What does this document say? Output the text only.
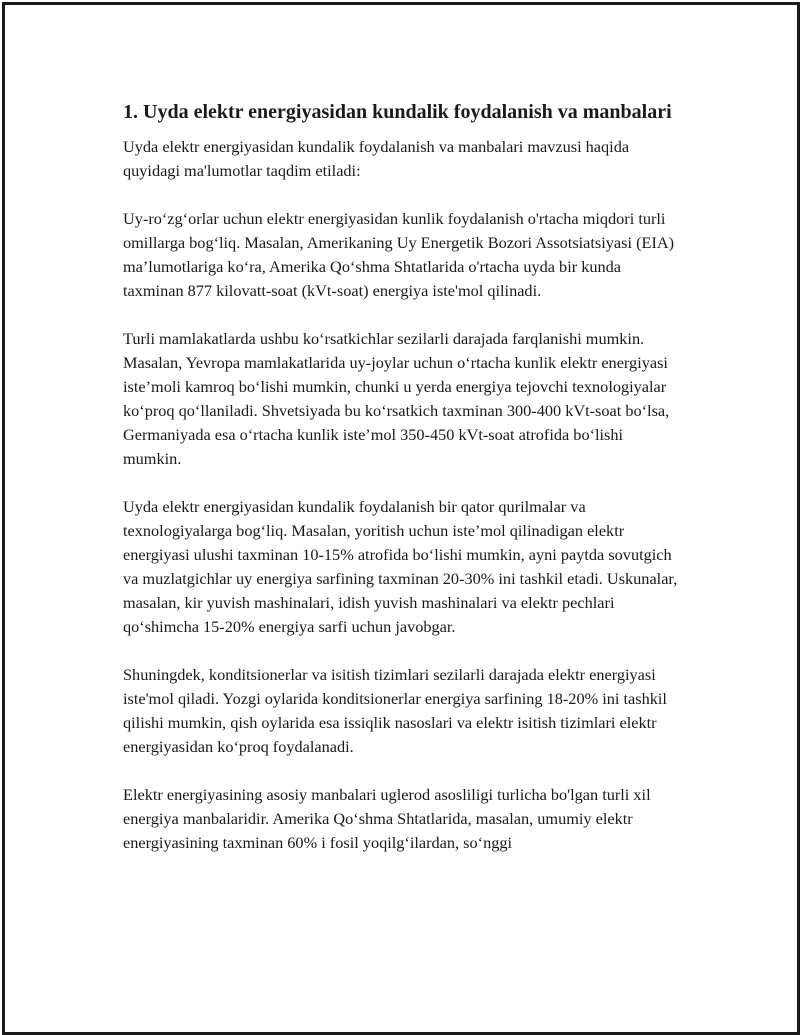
1. Uyda elektr energiyasidan kundalik foydalanish va manbalari

Uyda elektr energiyasidan kundalik foydalanish va manbalari mavzusi haqida quyidagi ma'lumotlar taqdim etiladi:

Uy-ro‘zg‘orlar uchun elektr energiyasidan kunlik foydalanish o'rtacha miqdori turli omillarga bog‘liq. Masalan, Amerikaning Uy Energetik Bozori Assotsiatsiyasi (EIA) ma’lumotlariga ko‘ra, Amerika Qo‘shma Shtatlarida o'rtacha uyda bir kunda taxminan 877 kilovatt-soat (kVt-soat) energiya iste'mol qilinadi.

Turli mamlakatlarda ushbu ko‘rsatkichlar sezilarli darajada farqlanishi mumkin. Masalan, Yevropa mamlakatlarida uy-joylar uchun o‘rtacha kunlik elektr energiyasi iste’moli kamroq bo‘lishi mumkin, chunki u yerda energiya tejovchi texnologiyalar ko‘proq qo‘llaniladi. Shvetsiyada bu ko‘rsatkich taxminan 300-400 kVt-soat bo‘lsa, Germaniyada esa o‘rtacha kunlik iste’mol 350-450 kVt-soat atrofida bo‘lishi mumkin.

Uyda elektr energiyasidan kundalik foydalanish bir qator qurilmalar va texnologiyalarga bog‘liq. Masalan, yoritish uchun iste’mol qilinadigan elektr energiyasi ulushi taxminan 10-15% atrofida bo‘lishi mumkin, ayni paytda sovutgich va muzlatgichlar uy energiya sarfining taxminan 20-30% ini tashkil etadi. Uskunalar, masalan, kir yuvish mashinalari, idish yuvish mashinalari va elektr pechlari qo‘shimcha 15-20% energiya sarfi uchun javobgar.

Shuningdek, konditsionerlar va isitish tizimlari sezilarli darajada elektr energiyasi iste'mol qiladi. Yozgi oylarida konditsionerlar energiya sarfining 18-20% ini tashkil qilishi mumkin, qish oylarida esa issiqlik nasoslari va elektr isitish tizimlari elektr energiyasidan ko‘proq foydalanadi.

Elektr energiyasining asosiy manbalari uglerod asosliligi turlicha bo'lgan turli xil energiya manbalaridir. Amerika Qo‘shma Shtatlarida, masalan, umumiy elektr energiyasining taxminan 60% i fosil yoqilg‘ilardan, so‘nggi
